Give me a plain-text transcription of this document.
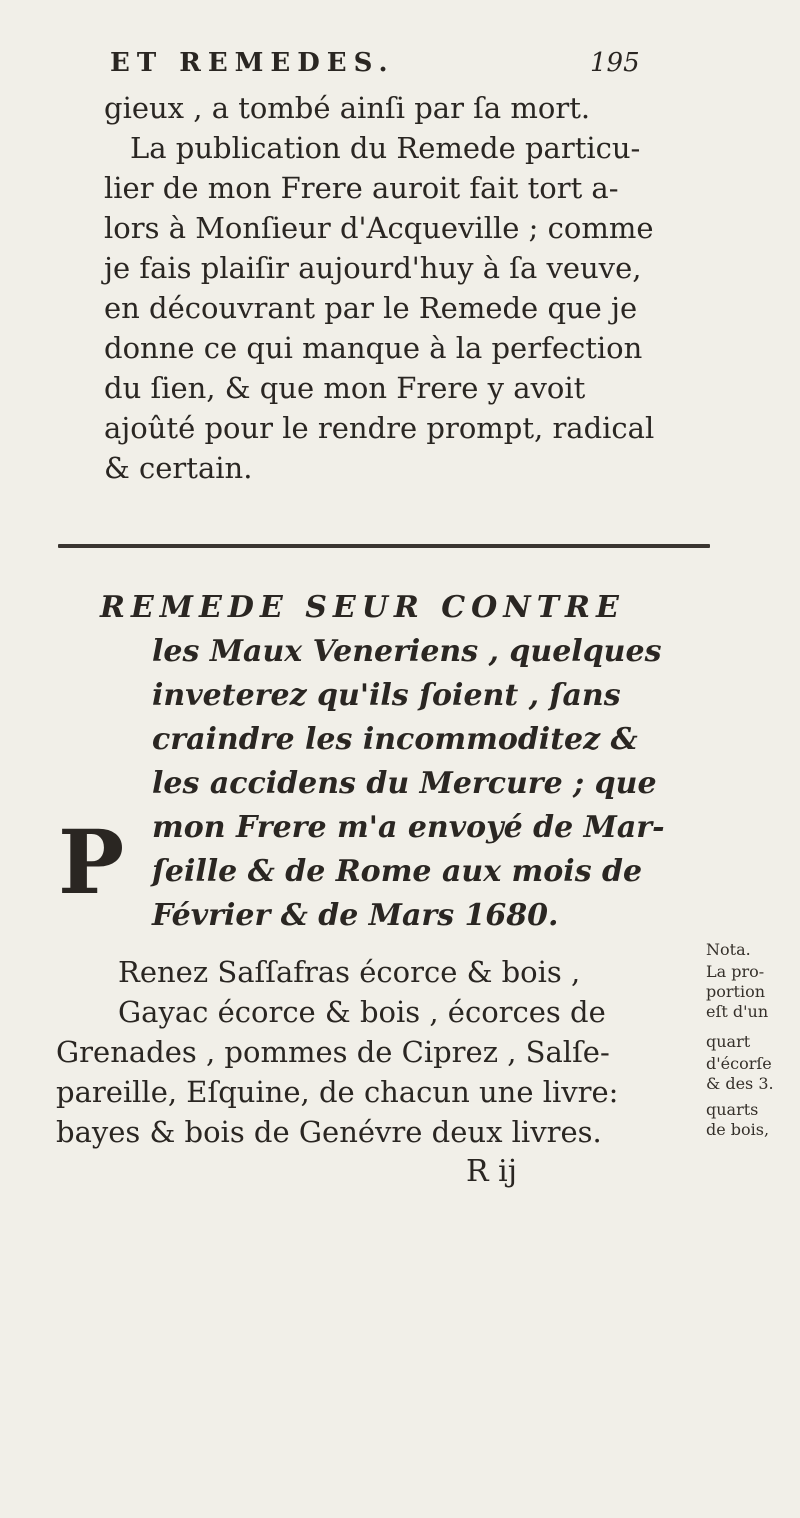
ET REMEDES.	195
gieux , a tombé ainſi par ſa mort.
La publication du Remede particu-
lier de mon Frere auroit fait tort a-
lors à Monſieur d'Acqueville ; comme
je fais plaiſir aujourd'huy à ſa veuve,
en découvrant par le Remede que je
donne ce qui manque à la perfection
du ſien, & que mon Frere y avoit
ajoûté pour le rendre prompt, radical
& certain.
REMEDE SEUR CONTRE
les Maux Veneriens , quelques
inveterez qu'ils ſoient , ſans
craindre les incommoditez &
les accidens du Mercure ; que
mon Frere m'a envoyé de Mar-
ſeille & de Rome aux mois de
Février & de Mars 1680.
P
Renez Saſſafras écorce & bois ,
Gayac écorce & bois , écorces de
Grenades , pommes de Ciprez , Salſe-
pareille, Eſquine, de chacun une livre:
bayes & bois de Genévre deux livres.
R ij
Nota.
La pro-
portion
eſt d'un
quart
d'écorſe
& des 3.
quarts
de bois,
